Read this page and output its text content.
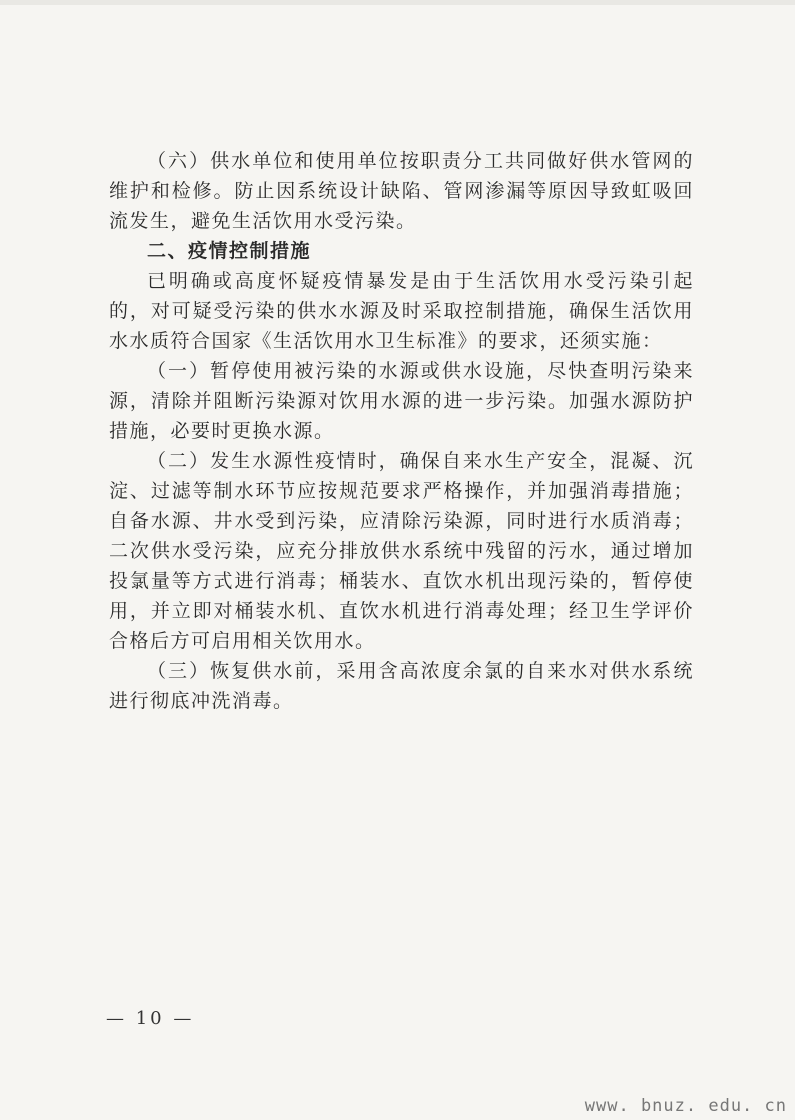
（六）供水单位和使用单位按职责分工共同做好供水管网的维护和检修。防止因系统设计缺陷、管网渗漏等原因导致虹吸回流发生，避免生活饮用水受污染。

二、疫情控制措施

已明确或高度怀疑疫情暴发是由于生活饮用水受污染引起的，对可疑受污染的供水水源及时采取控制措施，确保生活饮用水水质符合国家《生活饮用水卫生标准》的要求，还须实施：

（一）暂停使用被污染的水源或供水设施，尽快查明污染来源，清除并阻断污染源对饮用水源的进一步污染。加强水源防护措施，必要时更换水源。

（二）发生水源性疫情时，确保自来水生产安全，混凝、沉淀、过滤等制水环节应按规范要求严格操作，并加强消毒措施；自备水源、井水受到污染，应清除污染源，同时进行水质消毒；二次供水受污染，应充分排放供水系统中残留的污水，通过增加投氯量等方式进行消毒；桶装水、直饮水机出现污染的，暂停使用，并立即对桶装水机、直饮水机进行消毒处理；经卫生学评价合格后方可启用相关饮用水。

（三）恢复供水前，采用含高浓度余氯的自来水对供水系统进行彻底冲洗消毒。

— 10 —
www. bnuz. edu. cn
